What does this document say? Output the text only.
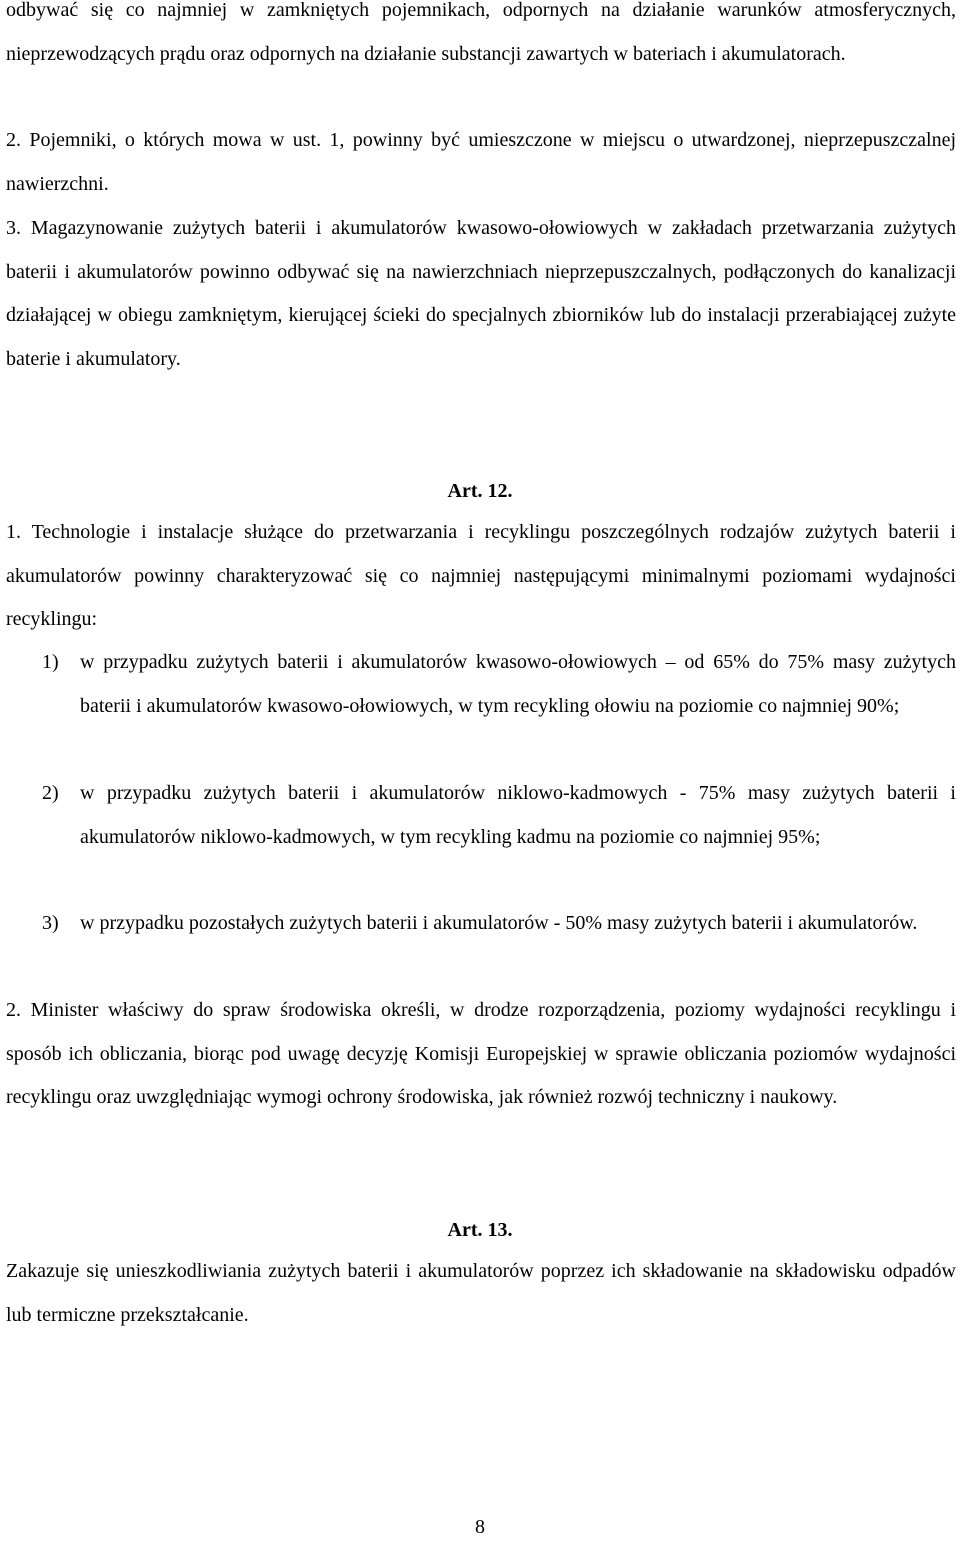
odbywać się co najmniej w zamkniętych pojemnikach, odpornych na działanie warunków atmosferycznych, nieprzewodzących prądu oraz odpornych na działanie substancji zawartych w bateriach i akumulatorach.

2. Pojemniki, o których mowa w ust. 1, powinny być umieszczone w miejscu o utwardzonej, nieprzepuszczalnej nawierzchni.

3. Magazynowanie zużytych baterii i akumulatorów kwasowo-ołowiowych w zakładach przetwarzania zużytych baterii i akumulatorów powinno odbywać się na nawierzchniach nieprzepuszczalnych, podłączonych do kanalizacji działającej w obiegu zamkniętym, kierującej ścieki do specjalnych zbiorników lub do instalacji przerabiającej zużyte baterie i akumulatory.

Art. 12.

1. Technologie i instalacje służące do przetwarzania i recyklingu poszczególnych rodzajów zużytych baterii i akumulatorów powinny charakteryzować się co najmniej następującymi minimalnymi poziomami wydajności recyklingu:

1)	w przypadku zużytych baterii i akumulatorów kwasowo-ołowiowych – od 65% do 75% masy zużytych baterii i akumulatorów kwasowo-ołowiowych, w tym recykling ołowiu na poziomie co najmniej 90%;
2)	w przypadku zużytych baterii i akumulatorów niklowo-kadmowych - 75% masy zużytych baterii i akumulatorów niklowo-kadmowych, w tym recykling kadmu na poziomie co najmniej 95%;
3)	w przypadku pozostałych zużytych baterii i akumulatorów - 50% masy zużytych baterii i akumulatorów.

2. Minister właściwy do spraw środowiska określi, w drodze rozporządzenia, poziomy wydajności recyklingu i sposób ich obliczania, biorąc pod uwagę decyzję Komisji Europejskiej w sprawie obliczania poziomów wydajności recyklingu oraz uwzględniając wymogi ochrony środowiska, jak również rozwój techniczny i naukowy.

Art. 13.

Zakazuje się unieszkodliwiania zużytych baterii i akumulatorów poprzez ich składowanie na składowisku odpadów lub termiczne przekształcanie.

8
